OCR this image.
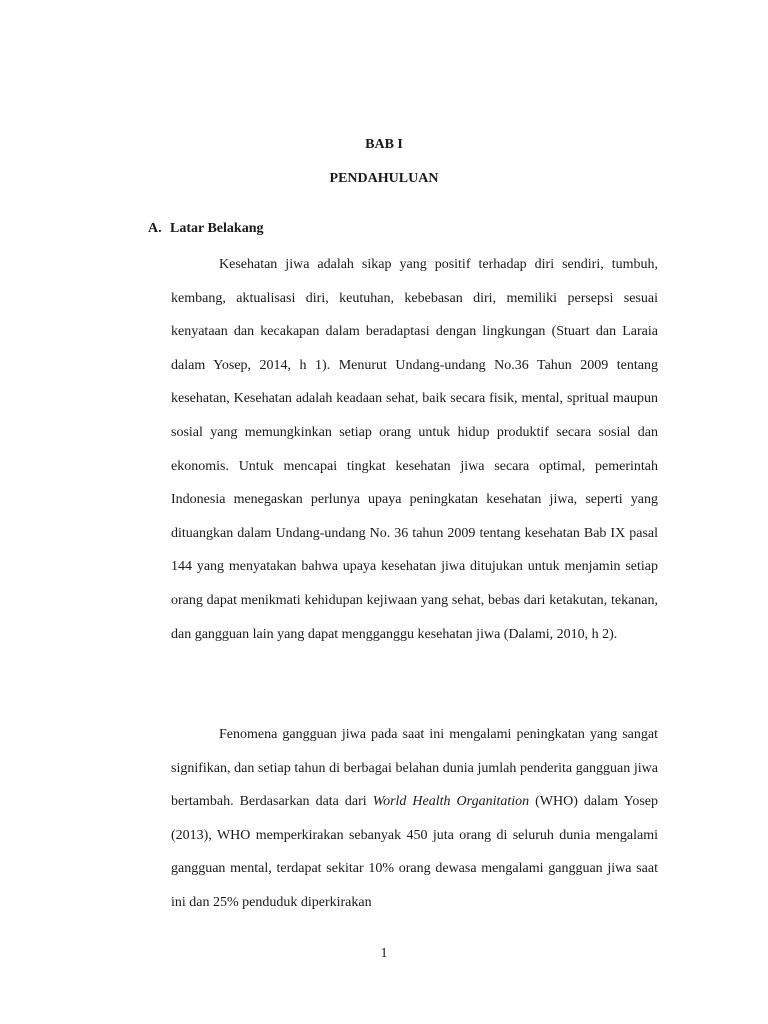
BAB I
PENDAHULUAN
A. Latar Belakang

Kesehatan jiwa adalah sikap yang positif terhadap diri sendiri, tumbuh, kembang, aktualisasi diri, keutuhan, kebebasan diri, memiliki persepsi sesuai kenyataan dan kecakapan dalam beradaptasi dengan lingkungan (Stuart dan Laraia dalam Yosep, 2014, h 1). Menurut Undang-undang No.36 Tahun 2009 tentang kesehatan, Kesehatan adalah keadaan sehat, baik secara fisik, mental, spritual maupun sosial yang memungkinkan setiap orang untuk hidup produktif secara sosial dan ekonomis. Untuk mencapai tingkat kesehatan jiwa secara optimal, pemerintah Indonesia menegaskan perlunya upaya peningkatan kesehatan jiwa, seperti yang dituangkan dalam Undang-undang No. 36 tahun 2009 tentang kesehatan Bab IX pasal 144 yang menyatakan bahwa upaya kesehatan jiwa ditujukan untuk menjamin setiap orang dapat menikmati kehidupan kejiwaan yang sehat, bebas dari ketakutan, tekanan, dan gangguan lain yang dapat mengganggu kesehatan jiwa (Dalami, 2010, h 2).

Fenomena gangguan jiwa pada saat ini mengalami peningkatan yang sangat signifikan, dan setiap tahun di berbagai belahan dunia jumlah penderita gangguan jiwa bertambah. Berdasarkan data dari World Health Organitation (WHO) dalam Yosep (2013), WHO memperkirakan sebanyak 450 juta orang di seluruh dunia mengalami gangguan mental, terdapat sekitar 10% orang dewasa mengalami gangguan jiwa saat ini dan 25% penduduk diperkirakan

1
